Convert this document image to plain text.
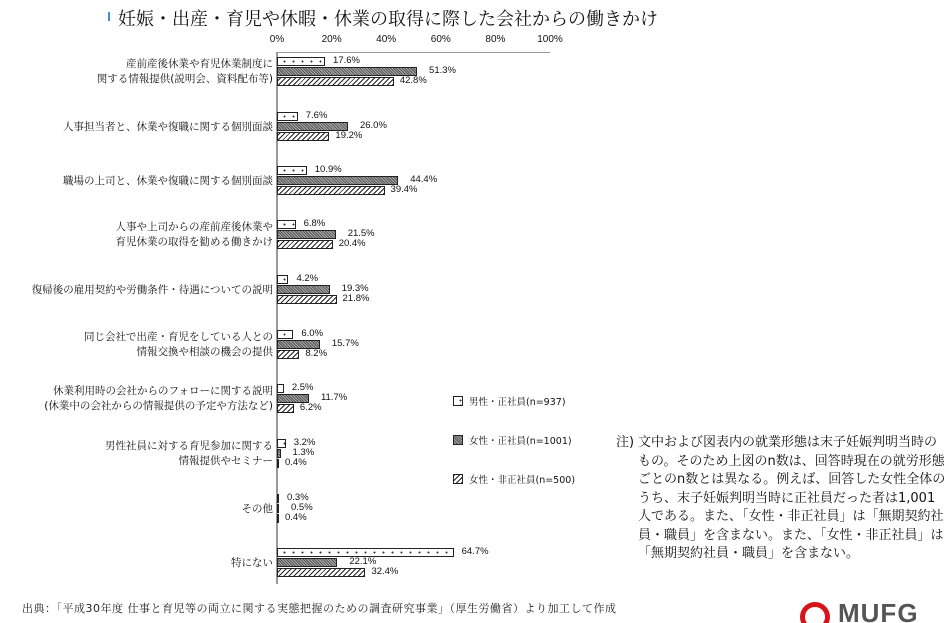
妊娠・出産・育児や休暇・休業の取得に際した会社からの働きかけ
0%	20%	40%	60%	80%	100%
産前産後休業や育児休業制度に
関する情報提供(説明会、資料配布等)
17.6%
51.3%
42.8%
人事担当者と、休業や復職に関する個別面談
7.6%
26.0%
19.2%
職場の上司と、休業や復職に関する個別面談
10.9%
44.4%
39.4%
人事や上司からの産前産後休業や
育児休業の取得を勧める働きかけ
6.8%
21.5%
20.4%
復帰後の雇用契約や労働条件・待遇についての説明
4.2%
19.3%
21.8%
同じ会社で出産・育児をしている人との
情報交換や相談の機会の提供
6.0%
15.7%
8.2%
休業利用時の会社からのフォローに関する説明
(休業中の会社からの情報提供の予定や方法など)
2.5%
11.7%
6.2%
男性社員に対する育児参加に関する
情報提供やセミナー
3.2%
1.3%
0.4%
その他
0.3%
0.5%
0.4%
特にない
64.7%
22.1%
32.4%
男性・正社員(n=937)
女性・正社員(n=1001)
女性・非正社員(n=500)
注) 文中および図表内の就業形態は末子妊娠判明当時のもの。そのため上図のn数は、回答時現在の就労形態ごとのn数とは異なる。例えば、回答した女性全体のうち、末子妊娠判明当時に正社員だった者は1,001人である。また、「女性・非正社員」は「無期契約社員・職員」を含まない。また、「女性・非正社員」は「無期契約社員・職員」を含まない。
出典：「平成30年度 仕事と育児等の両立に関する実態把握のための調査研究事業」（厚生労働省）より加工して作成	MUFG
